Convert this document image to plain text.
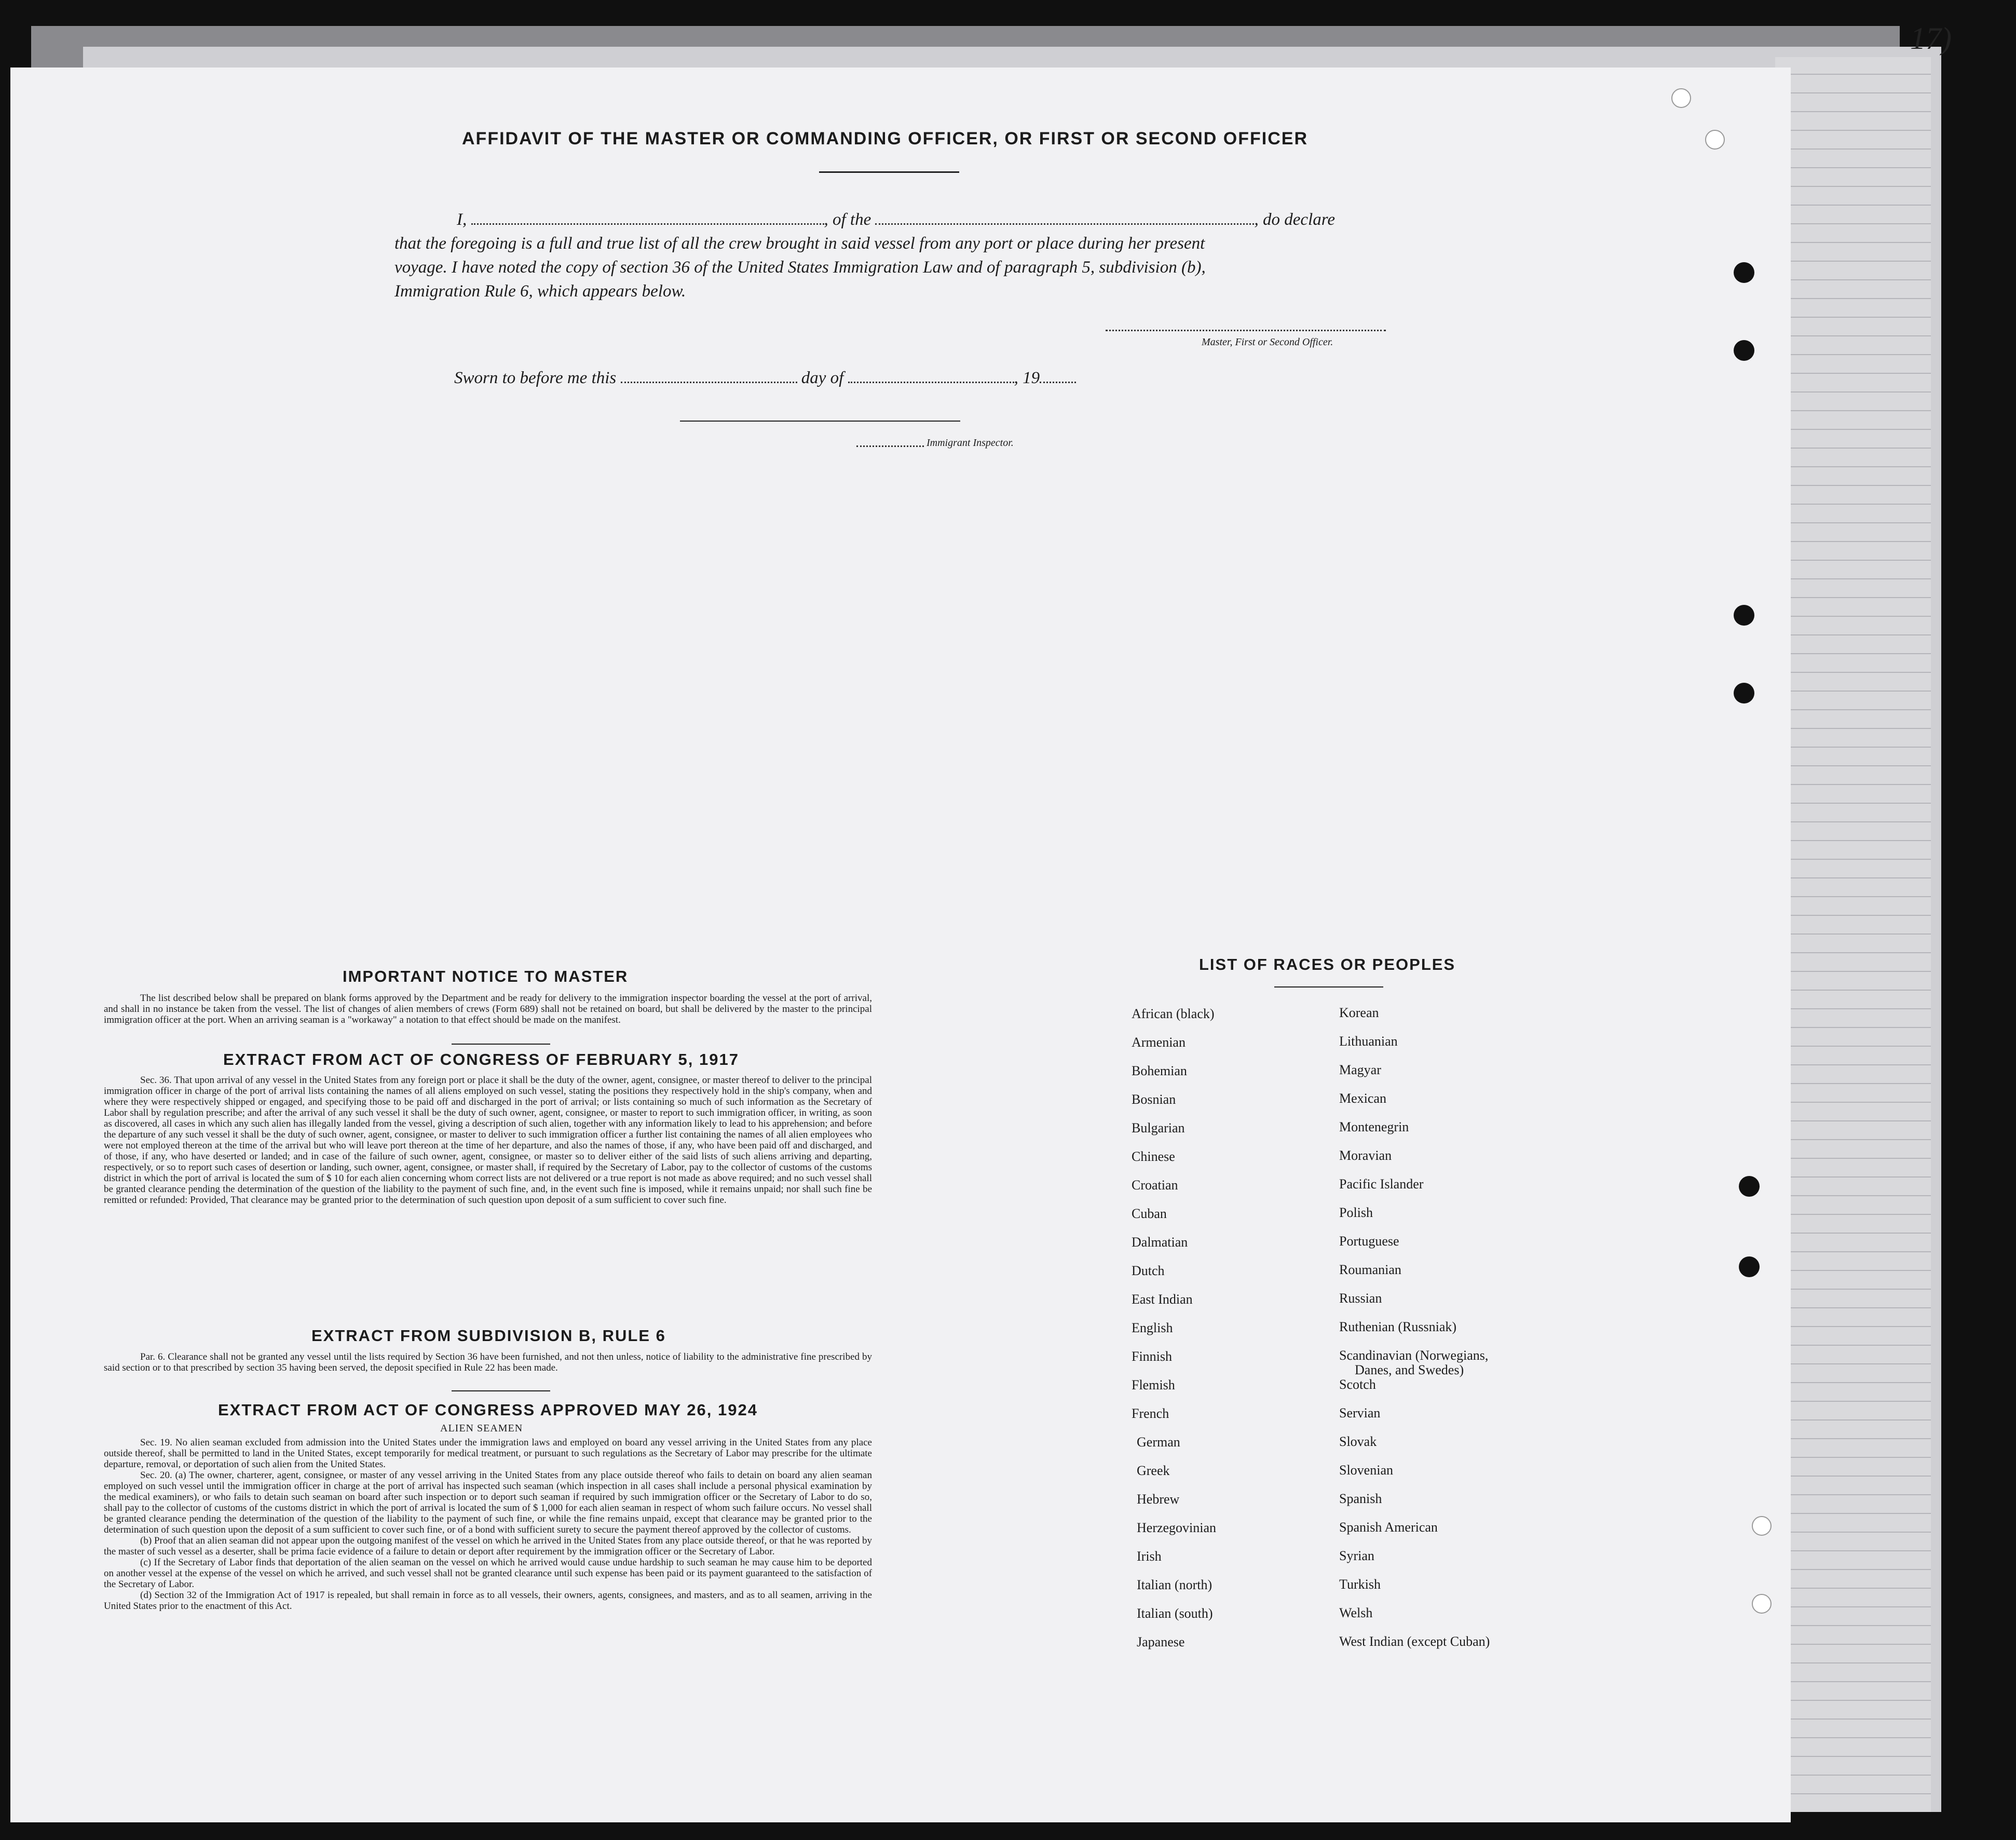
17)
AFFIDAVIT OF THE MASTER OR COMMANDING OFFICER, OR FIRST OR SECOND OFFICER
I,	, of the	, do declare
that the foregoing is a full and true list of all the crew brought in said vessel from any port or place during her present
voyage. I have noted the copy of section 36 of the United States Immigration Law and of paragraph 5, subdivision (b),
Immigration Rule 6, which appears below.
Master, First or Second Officer.
Sworn to before me this	day of	, 19
Immigrant Inspector.
IMPORTANT NOTICE TO MASTER

The list described below shall be prepared on blank forms approved by the Department and be ready for delivery to the immigration inspector boarding the vessel at the port of arrival, and shall in no instance be taken from the vessel. The list of changes of alien members of crews (Form 689) shall not be retained on board, but shall be delivered by the master to the principal immigration officer at the port. When an arriving seaman is a "workaway" a notation to that effect should be made on the manifest.

EXTRACT FROM ACT OF CONGRESS OF FEBRUARY 5, 1917

Sec. 36. That upon arrival of any vessel in the United States from any foreign port or place it shall be the duty of the owner, agent, consignee, or master thereof to deliver to the principal immigration officer in charge of the port of arrival lists containing the names of all aliens employed on such vessel, stating the positions they respectively hold in the ship's company, when and where they were respectively shipped or engaged, and specifying those to be paid off and discharged in the port of arrival; or lists containing so much of such information as the Secretary of Labor shall by regulation prescribe; and after the arrival of any such vessel it shall be the duty of such owner, agent, consignee, or master to report to such immigration officer, in writing, as soon as discovered, all cases in which any such alien has illegally landed from the vessel, giving a description of such alien, together with any information likely to lead to his apprehension; and before the departure of any such vessel it shall be the duty of such owner, agent, consignee, or master to deliver to such immigration officer a further list containing the names of all alien employees who were not employed thereon at the time of the arrival but who will leave port thereon at the time of her departure, and also the names of those, if any, who have been paid off and discharged, and of those, if any, who have deserted or landed; and in case of the failure of such owner, agent, consignee, or master so to deliver either of the said lists of such aliens arriving and departing, respectively, or so to report such cases of desertion or landing, such owner, agent, consignee, or master shall, if required by the Secretary of Labor, pay to the collector of customs of the customs district in which the port of arrival is located the sum of $ 10 for each alien concerning whom correct lists are not delivered or a true report is not made as above required; and no such vessel shall be granted clearance pending the determination of the question of the liability to the payment of such fine, and, in the event such fine is imposed, while it remains unpaid; nor shall such fine be remitted or refunded: Provided, That clearance may be granted prior to the determination of such question upon deposit of a sum sufficient to cover such fine.

EXTRACT FROM SUBDIVISION B, RULE 6

Par. 6. Clearance shall not be granted any vessel until the lists required by Section 36 have been furnished, and not then unless, notice of liability to the administrative fine prescribed by said section or to that prescribed by section 35 having been served, the deposit specified in Rule 22 has been made.

EXTRACT FROM ACT OF CONGRESS APPROVED MAY 26, 1924
ALIEN SEAMEN

Sec. 19. No alien seaman excluded from admission into the United States under the immigration laws and employed on board any vessel arriving in the United States from any place outside thereof, shall be permitted to land in the United States, except temporarily for medical treatment, or pursuant to such regulations as the Secretary of Labor may prescribe for the ultimate departure, removal, or deportation of such alien from the United States.

Sec. 20. (a) The owner, charterer, agent, consignee, or master of any vessel arriving in the United States from any place outside thereof who fails to detain on board any alien seaman employed on such vessel until the immigration officer in charge at the port of arrival has inspected such seaman (which inspection in all cases shall include a personal physical examination by the medical examiners), or who fails to detain such seaman on board after such inspection or to deport such seaman if required by such immigration officer or the Secretary of Labor to do so, shall pay to the collector of customs of the customs district in which the port of arrival is located the sum of $ 1,000 for each alien seaman in respect of whom such failure occurs. No vessel shall be granted clearance pending the determination of the question of the liability to the payment of such fine, or while the fine remains unpaid, except that clearance may be granted prior to the determination of such question upon the deposit of a sum sufficient to cover such fine, or of a bond with sufficient surety to secure the payment thereof approved by the collector of customs.

(b) Proof that an alien seaman did not appear upon the outgoing manifest of the vessel on which he arrived in the United States from any place outside thereof, or that he was reported by the master of such vessel as a deserter, shall be prima facie evidence of a failure to detain or deport after requirement by the immigration officer or the Secretary of Labor.

(c) If the Secretary of Labor finds that deportation of the alien seaman on the vessel on which he arrived would cause undue hardship to such seaman he may cause him to be deported on another vessel at the expense of the vessel on which he arrived, and such vessel shall not be granted clearance until such expense has been paid or its payment guaranteed to the satisfaction of the Secretary of Labor.

(d) Section 32 of the Immigration Act of 1917 is repealed, but shall remain in force as to all vessels, their owners, agents, consignees, and masters, and as to all seamen, arriving in the United States prior to the enactment of this Act.

LIST OF RACES OR PEOPLES
African (black)
Armenian
Bohemian
Bosnian
Bulgarian
Chinese
Croatian
Cuban
Dalmatian
Dutch
East Indian
English
Finnish
Flemish
French
German
Greek
Hebrew
Herzegovinian
Irish
Italian (north)
Italian (south)
Japanese
Korean
Lithuanian
Magyar
Mexican
Montenegrin
Moravian
Pacific Islander
Polish
Portuguese
Roumanian
Russian
Ruthenian (Russniak)
Scandinavian (Norwegians,
Danes, and Swedes)
Scotch
Servian
Slovak
Slovenian
Spanish
Spanish American
Syrian
Turkish
Welsh
West Indian (except Cuban)
